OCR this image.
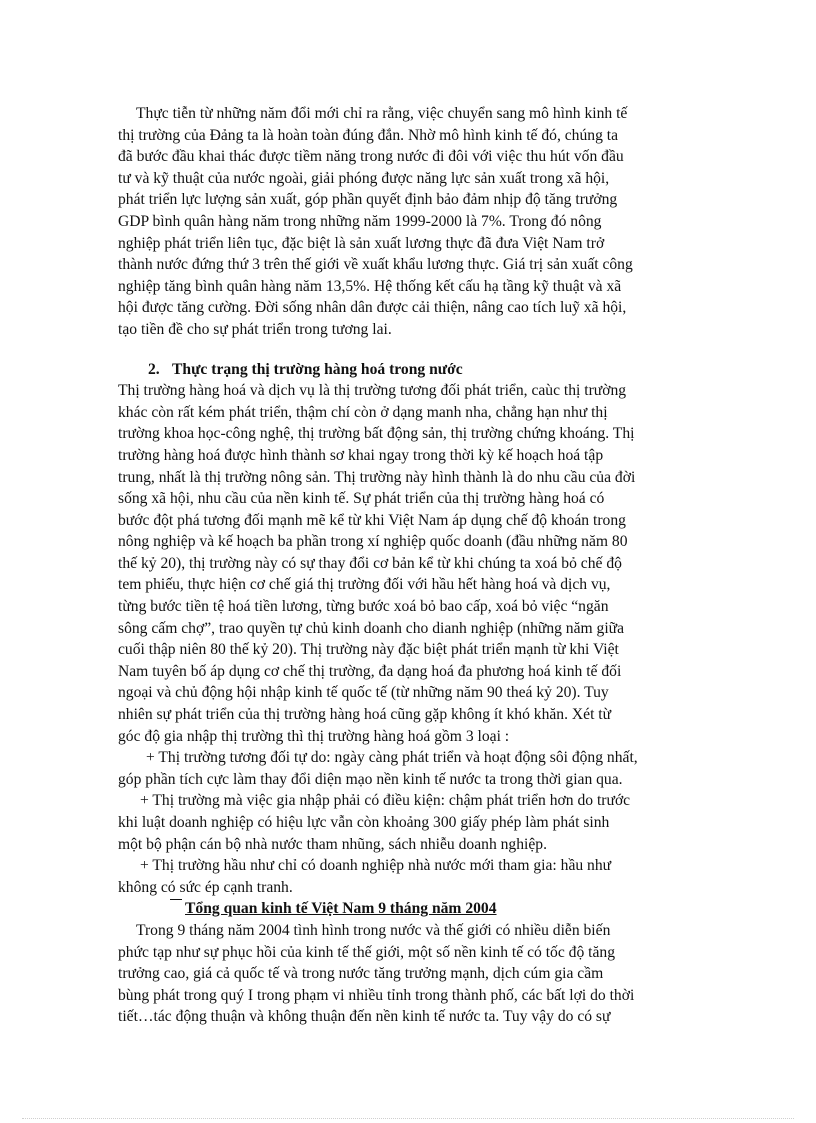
Thực tiễn từ những năm đổi mới chỉ ra rằng, việc chuyển sang mô hình kinh tế
thị trường của Đảng ta là hoàn toàn đúng đắn. Nhờ mô hình kinh tế đó, chúng ta
đã bước đầu khai thác được tiềm năng trong nước đi đôi với việc thu hút vốn đầu
tư và kỹ thuật của nước ngoài, giải phóng được năng lực sản xuất trong xã hội,
phát triển lực lượng sản xuất, góp phần quyết định bảo đảm nhịp độ tăng trưởng
GDP bình quân hàng năm trong những năm 1999-2000 là 7%. Trong đó nông
nghiệp phát triển liên tục, đặc biệt là sản xuất lương thực đã đưa Việt Nam trở
thành nước đứng thứ 3 trên thế giới về xuất khẩu lương thực. Giá trị sản xuất công
nghiệp tăng bình quân hàng năm 13,5%. Hệ thống kết cấu hạ tầng kỹ thuật và xã
hội được tăng cường. Đời sống nhân dân được cải thiện, nâng cao tích luỹ xã hội,
tạo tiền đề cho sự phát triển trong tương lai.
2. Thực trạng thị trường hàng hoá trong nước
Thị trường hàng hoá và dịch vụ là thị trường tương đối phát triển, caùc thị trường
khác còn rất kém phát triển, thậm chí còn ở dạng manh nha, chẳng hạn như thị
trường khoa học-công nghệ, thị trường bất động sản, thị trường chứng khoáng. Thị
trường hàng hoá được hình thành sơ khai ngay trong thời kỳ kế hoạch hoá tập
trung, nhất là thị trường nông sản. Thị trường này hình thành là do nhu cầu của đời
sống xã hội, nhu cầu của nền kinh tế. Sự phát triển của thị trường hàng hoá có
bước đột phá tương đối mạnh mẽ kể từ khi Việt Nam áp dụng chế độ khoán trong
nông nghiệp và kế hoạch ba phần trong xí nghiệp quốc doanh (đầu những năm 80
thế kỷ 20), thị trường này có sự thay đổi cơ bản kể từ khi chúng ta xoá bỏ chế độ
tem phiếu, thực hiện cơ chế giá thị trường đối với hầu hết hàng hoá và dịch vụ,
từng bước tiền tệ hoá tiền lương, từng bước xoá bỏ bao cấp, xoá bỏ việc “ngăn
sông cấm chợ”, trao quyền tự chủ kinh doanh cho dianh nghiệp (những năm giữa
cuối thập niên 80 thế kỷ 20). Thị trường này đặc biệt phát triển mạnh từ khi Việt
Nam tuyên bố áp dụng cơ chế thị trường, đa dạng hoá đa phương hoá kinh tế đối
ngoại và chủ động hội nhập kinh tế quốc tế (từ những năm 90 theá kỷ 20). Tuy
nhiên sự phát triển của thị trường hàng hoá cũng gặp không ít khó khăn. Xét từ
góc độ gia nhập thị trường thì thị trường hàng hoá gồm 3 loại :
+ Thị trường tương đối tự do: ngày càng phát triển và hoạt động sôi động nhất,
góp phần tích cực làm thay đổi diện mạo nền kinh tế nước ta trong thời gian qua.
+ Thị trường mà việc gia nhập phải có điều kiện: chậm phát triển hơn do trước
khi luật doanh nghiệp có hiệu lực vẫn còn khoảng 300 giấy phép làm phát sinh
một bộ phận cán bộ nhà nước tham nhũng, sách nhiễu doanh nghiệp.
+ Thị trường hầu như chỉ có doanh nghiệp nhà nước mới tham gia: hầu như
không có sức ép cạnh tranh.
Tổng quan kinh tế Việt Nam 9 tháng năm 2004
Trong 9 tháng năm 2004 tình hình trong nước và thế giới có nhiều diễn biến
phức tạp như sự phục hồi của kinh tế thế giới, một số nền kinh tế có tốc độ tăng
trưởng cao, giá cả quốc tế và trong nước tăng trưởng mạnh, dịch cúm gia cầm
bùng phát trong quý I trong phạm vi nhiều tỉnh trong thành phố, các bất lợi do thời
tiết…tác động thuận và không thuận đến nền kinh tế nước ta. Tuy vậy do có sự
